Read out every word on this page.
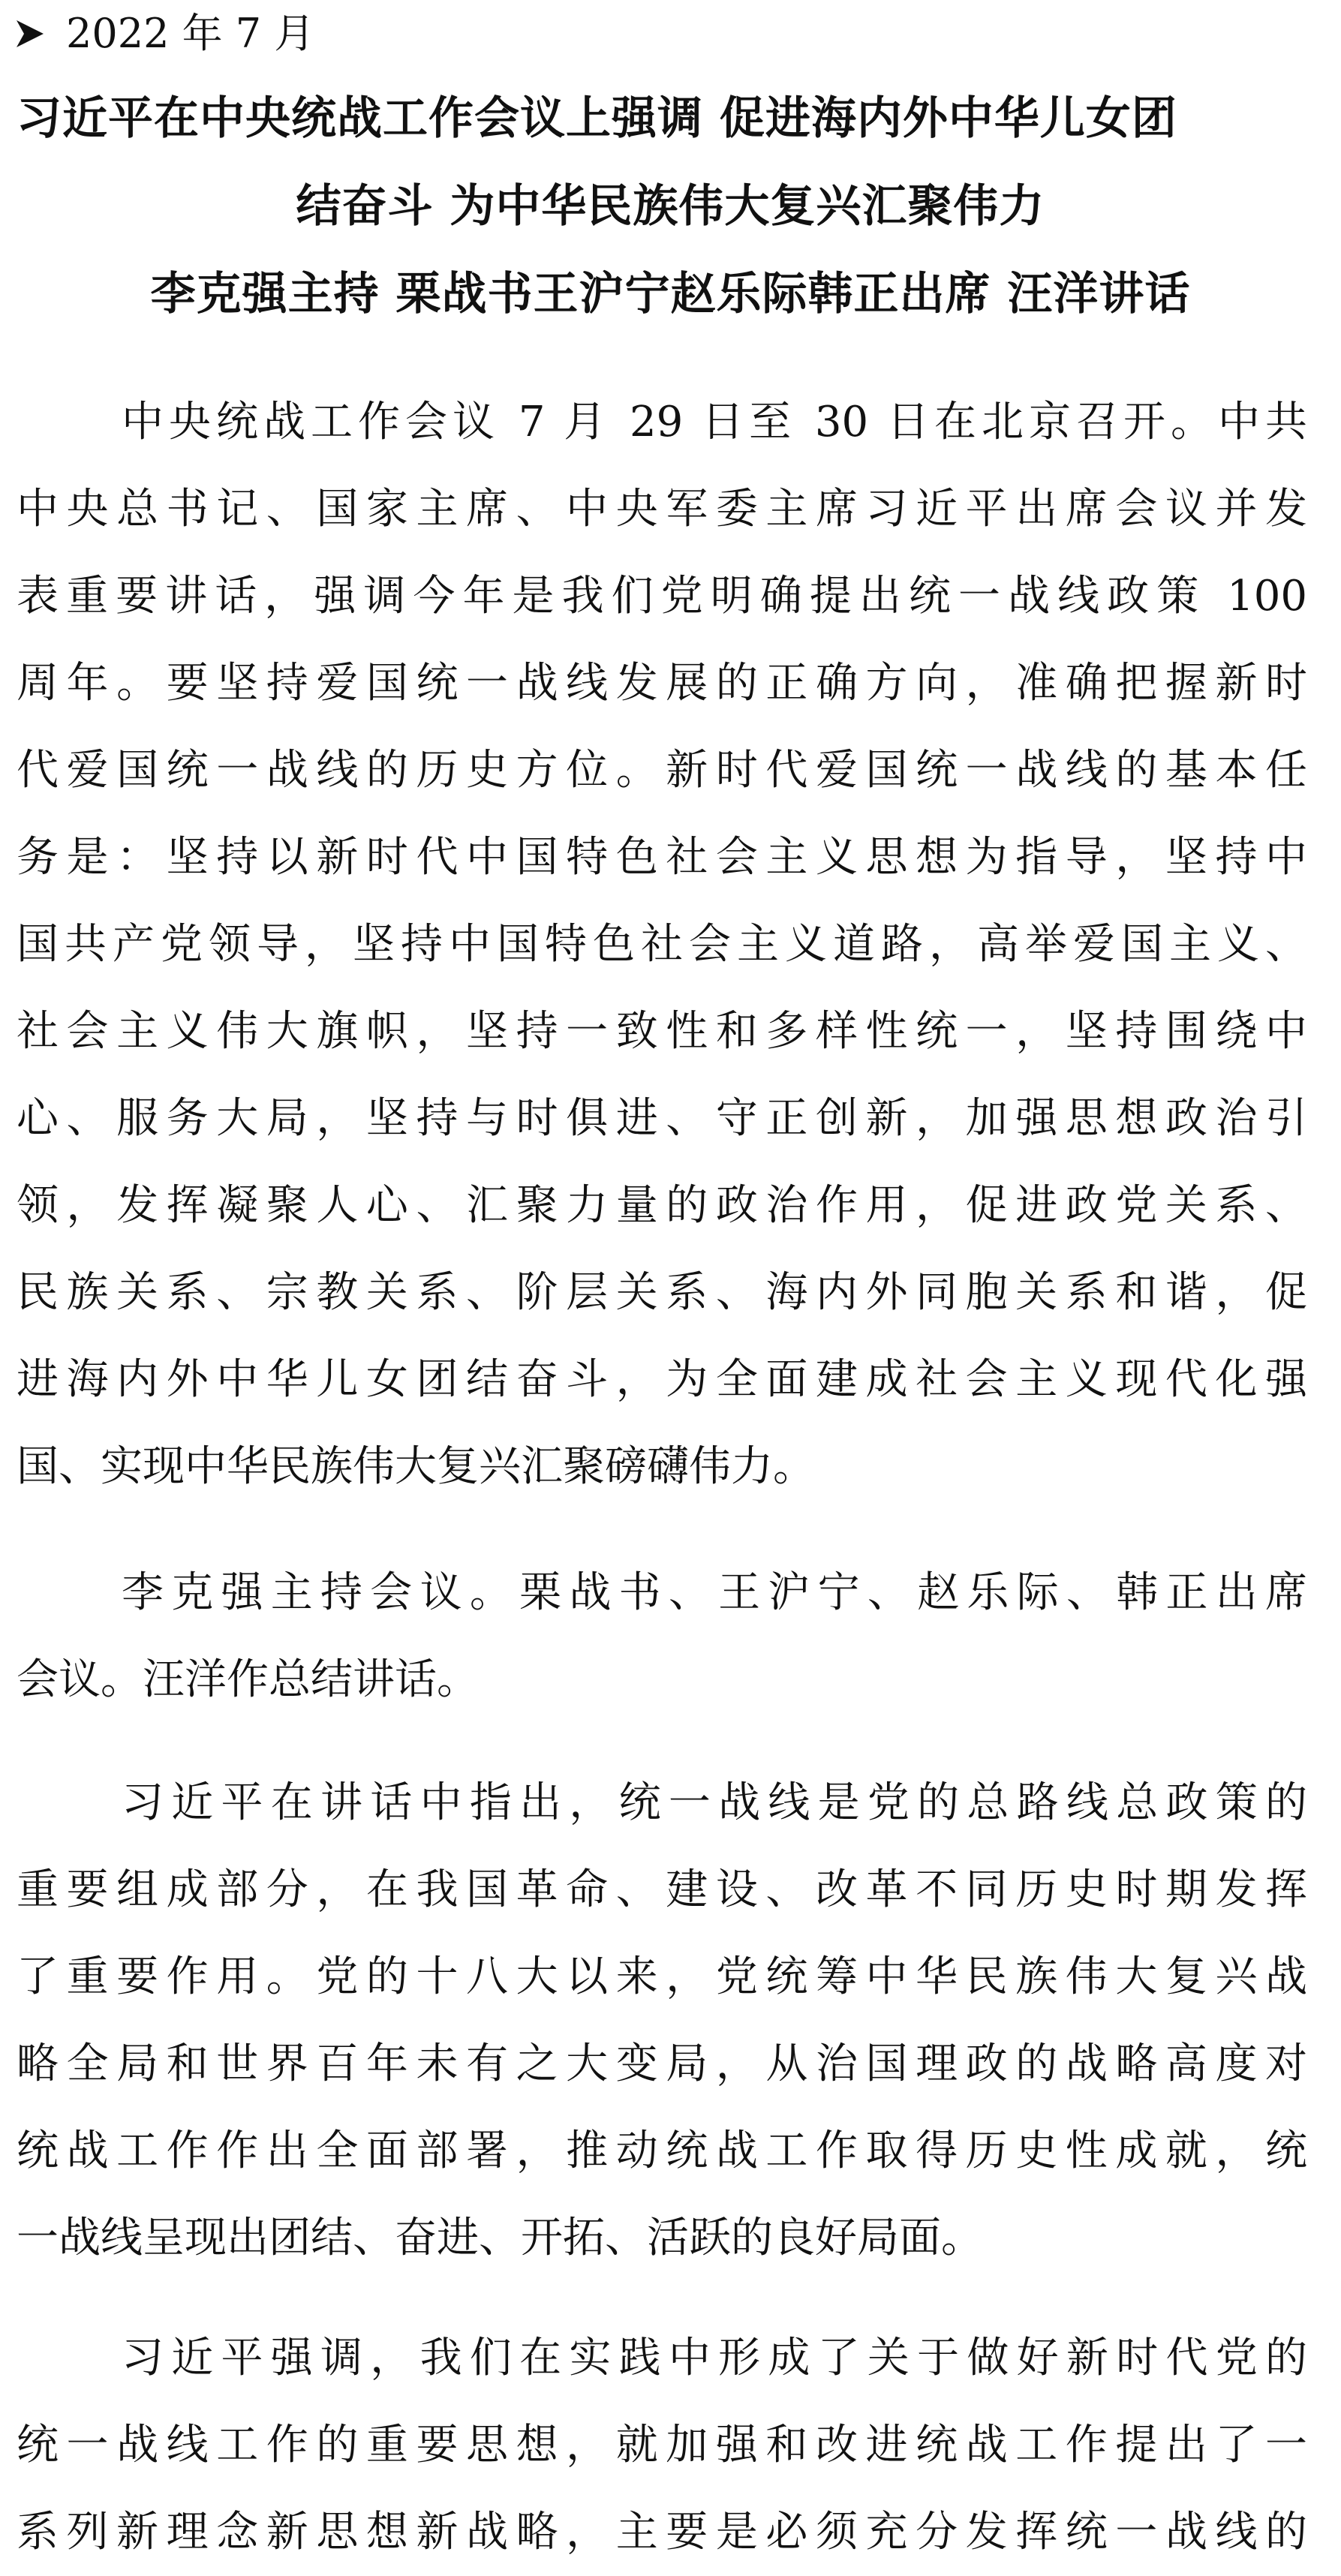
2022 年 7 月
习近平在中央统战工作会议上强调 促进海内外中华儿女团
结奋斗 为中华民族伟大复兴汇聚伟力
李克强主持 栗战书王沪宁赵乐际韩正出席 汪洋讲话
中央统战工作会议 7 月 29 日至 30 日在北京召开。中共
中央总书记、国家主席、中央军委主席习近平出席会议并发
表重要讲话，强调今年是我们党明确提出统一战线政策 100
周年。要坚持爱国统一战线发展的正确方向，准确把握新时
代爱国统一战线的历史方位。新时代爱国统一战线的基本任
务是：坚持以新时代中国特色社会主义思想为指导，坚持中
国共产党领导，坚持中国特色社会主义道路，高举爱国主义、
社会主义伟大旗帜，坚持一致性和多样性统一，坚持围绕中
心、服务大局，坚持与时俱进、守正创新，加强思想政治引
领，发挥凝聚人心、汇聚力量的政治作用，促进政党关系、
民族关系、宗教关系、阶层关系、海内外同胞关系和谐，促
进海内外中华儿女团结奋斗，为全面建成社会主义现代化强
国、实现中华民族伟大复兴汇聚磅礴伟力。
李克强主持会议。栗战书、王沪宁、赵乐际、韩正出席
会议。汪洋作总结讲话。
习近平在讲话中指出，统一战线是党的总路线总政策的
重要组成部分，在我国革命、建设、改革不同历史时期发挥
了重要作用。党的十八大以来，党统筹中华民族伟大复兴战
略全局和世界百年未有之大变局，从治国理政的战略高度对
统战工作作出全面部署，推动统战工作取得历史性成就，统
一战线呈现出团结、奋进、开拓、活跃的良好局面。
习近平强调，我们在实践中形成了关于做好新时代党的
统一战线工作的重要思想，就加强和改进统战工作提出了一
系列新理念新思想新战略，主要是必须充分发挥统一战线的
